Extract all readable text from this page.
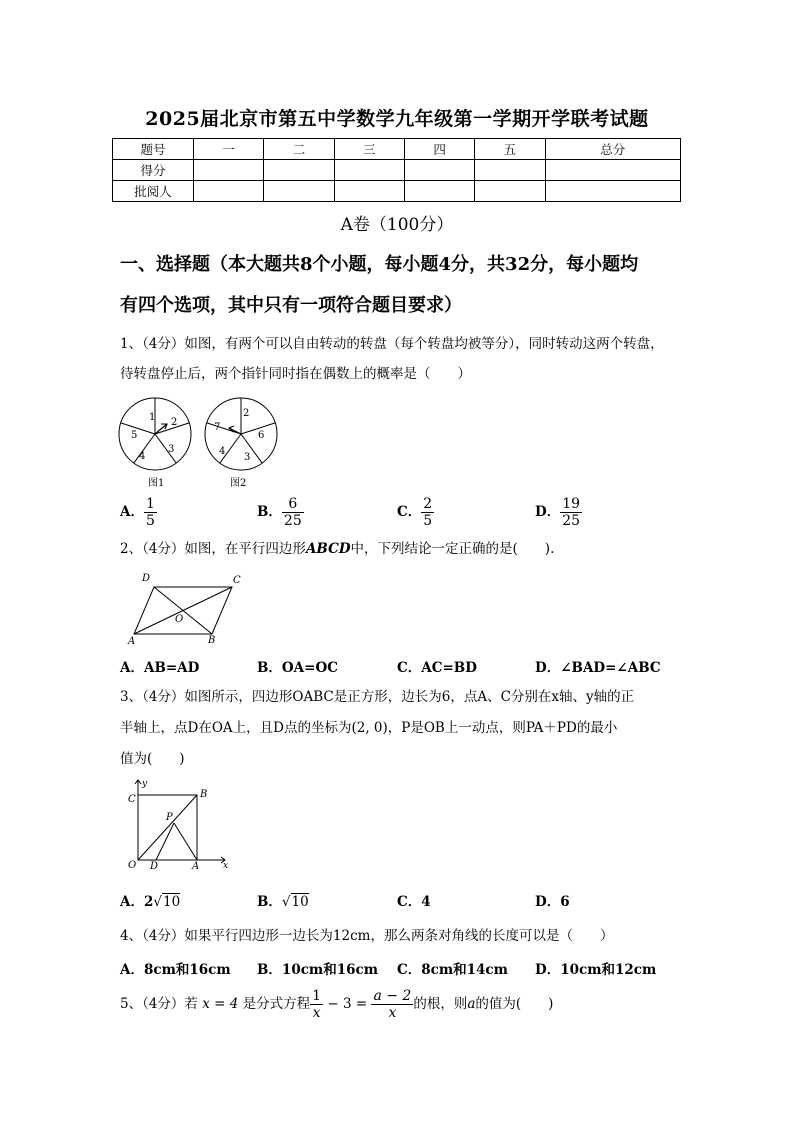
2025届北京市第五中学数学九年级第一学期开学联考试题
题号	一	二	三	四	五	总分
得分						
批阅人						
A卷（100分）
一、选择题（本大题共8个小题，每小题4分，共32分，每小题均
有四个选项，其中只有一项符合题目要求）
1、（4分）如图，有两个可以自由转动的转盘（每个转盘均被等分），同时转动这两个转盘，
待转盘停止后，两个指针同时指在偶数上的概率是（　　）
1 2
3
4
5
图1
2
6
3
4
7
图2
A． $\frac{1}{5}$	B． $\frac{6}{25}$	C． $\frac{2}{5}$	D． $\frac{19}{25}$
2、（4分）如图，在平行四边形ABCD中，下列结论一定正确的是(　　).
D	C
O
A	B
A．AB=AD	B．OA=OC	C．AC=BD	D．∠BAD=∠ABC
3、（4分）如图所示，四边形OABC是正方形，边长为6，点A、C分别在x轴、y轴的正
半轴上，点D在OA上，且D点的坐标为(2, 0)，P是OB上一动点，则PA＋PD的最小
值为(　　)
y
C	B
P
O D	A	x
A．2√10	B．√10	C．4	D．6
4、（4分）如果平行四边形一边长为12cm，那么两条对角线的长度可以是（　　）
A．8cm和16cm B．10cm和16cm C．8cm和14cm D．10cm和12cm
5、（4分）若 x = 4 是分式方程 $\frac{1}{x} - 3 = \frac{a - 2}{x}$ 的根，则a的值为(　　)
